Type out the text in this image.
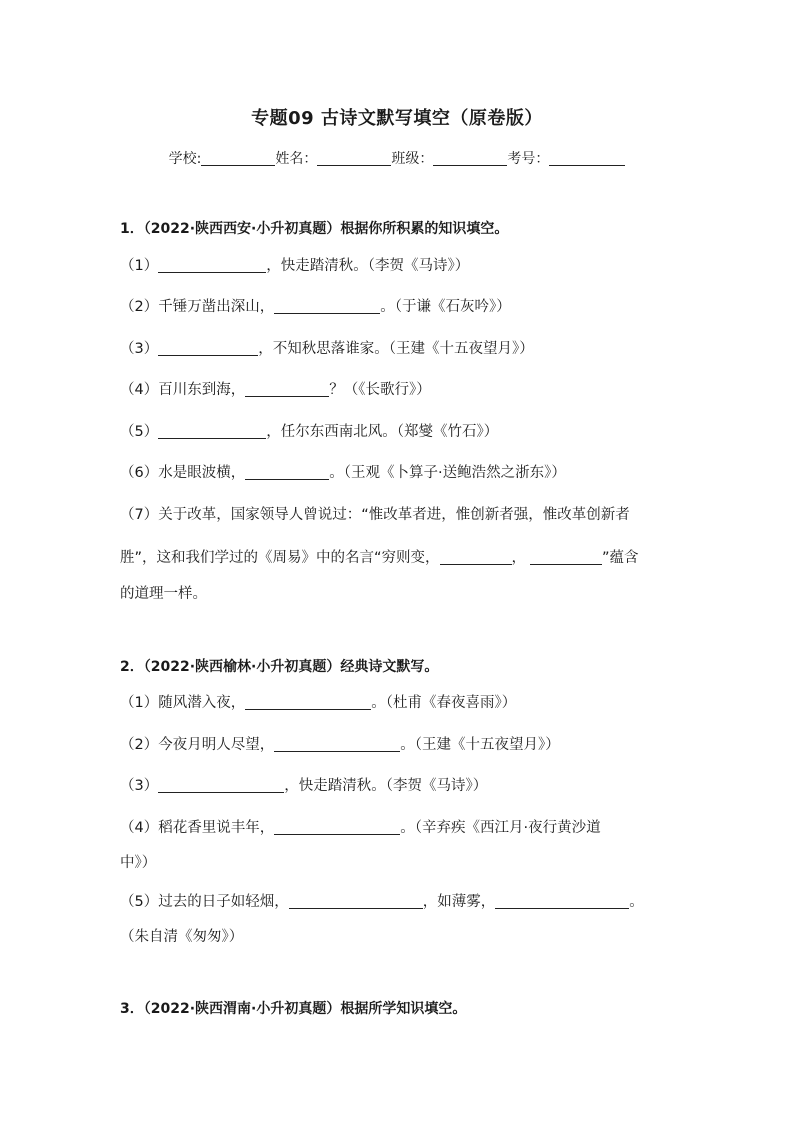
专题09 古诗文默写填空（原卷版）
学校:	姓名：	班级：	考号：
1．（2022·陕西西安·小升初真题）根据你所积累的知识填空。
（1）	，快走踏清秋。（李贺《马诗》）
（2）千锤万凿出深山，	。（于谦《石灰吟》）
（3）	，不知秋思落谁家。（王建《十五夜望月》）
（4）百川东到海，	？（《长歌行》）
（5）	，任尔东西南北风。（郑燮《竹石》）
（6）水是眼波横，	。（王观《卜算子·送鲍浩然之浙东》）
（7）关于改革，国家领导人曾说过：“惟改革者进，惟创新者强，惟改革创新者
胜”，这和我们学过的《周易》中的名言“穷则变，	，	”蕴含
的道理一样。
2．（2022·陕西榆林·小升初真题）经典诗文默写。
（1）随风潜入夜，	。（杜甫《春夜喜雨》）
（2）今夜月明人尽望，	。（王建《十五夜望月》）
（3）	，快走踏清秋。（李贺《马诗》）
（4）稻花香里说丰年，	。（辛弃疾《西江月·夜行黄沙道
中》）
（5）过去的日子如轻烟，	，如薄雾，	。
（朱自清《匆匆》）
3．（2022·陕西渭南·小升初真题）根据所学知识填空。
